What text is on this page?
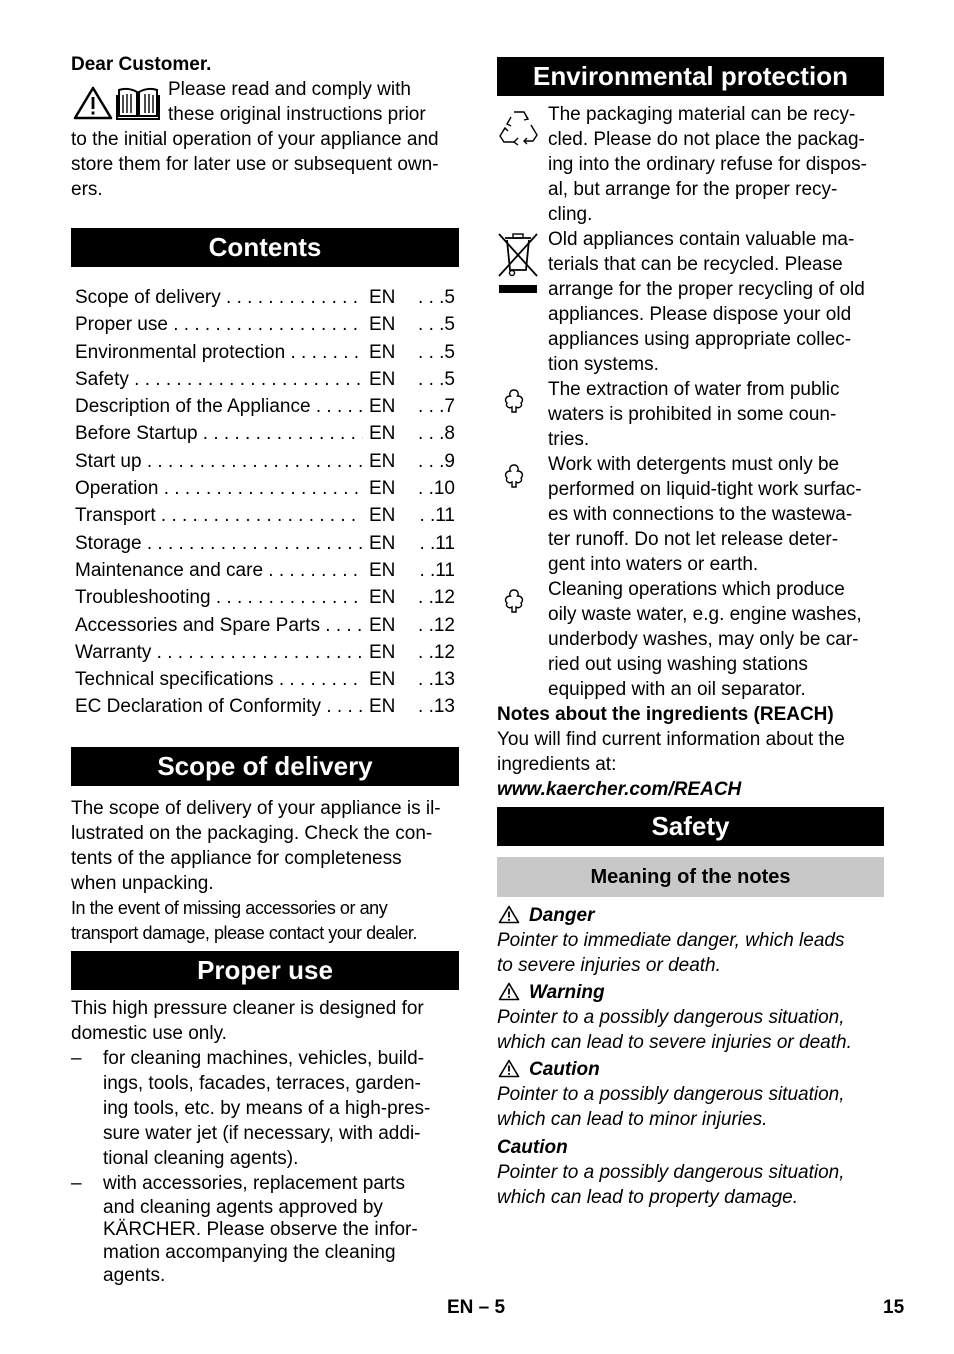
Dear Customer.
Please read and comply with
these original instructions prior
to the initial operation of your appliance and
store them for later use or subsequent own-
ers.
Contents
Scope of delivery . . .	EN	. . .5
Proper use . . .	EN	. . .5
Environmental protection . . .	EN	. . .5
Safety . . .	EN	. . .5
Description of the Appliance . . .	EN	. . .7
Before Startup . . .	EN	. . .8
Start up . . .	EN	. . .9
Operation . . .	EN	. .10
Transport . . .	EN	. .11
Storage . . .	EN	. .11
Maintenance and care . . .	EN	. .11
Troubleshooting . . .	EN	. .12
Accessories and Spare Parts . . .	EN	. .12
Warranty . . .	EN	. .12
Technical specifications . . .	EN	. .13
EC Declaration of Conformity . . .	EN	. .13
Scope of delivery
The scope of delivery of your appliance is il-
lustrated on the packaging. Check the con-
tents of the appliance for completeness
when unpacking.
In the event of missing accessories or any
transport damage, please contact your dealer.
Proper use
This high pressure cleaner is designed for
domestic use only.
– for cleaning machines, vehicles, build-
ings, tools, facades, terraces, garden-
ing tools, etc. by means of a high-pres-
sure water jet (if necessary, with addi-
tional cleaning agents).
– with accessories, replacement parts
and cleaning agents approved by
KÄRCHER. Please observe the infor-
mation accompanying the cleaning
agents.
Environmental protection
The packaging material can be recy-
cled. Please do not place the packag-
ing into the ordinary refuse for dispos-
al, but arrange for the proper recy-
cling.
Old appliances contain valuable ma-
terials that can be recycled. Please
arrange for the proper recycling of old
appliances. Please dispose your old
appliances using appropriate collec-
tion systems.
The extraction of water from public
waters is prohibited in some coun-
tries.
Work with detergents must only be
performed on liquid-tight work surfac-
es with connections to the wastewa-
ter runoff. Do not let release deter-
gent into waters or earth.
Cleaning operations which produce
oily waste water, e.g. engine washes,
underbody washes, may only be car-
ried out using washing stations
equipped with an oil separator.
Notes about the ingredients (REACH)
You will find current information about the
ingredients at:
www.kaercher.com/REACH
Safety
Meaning of the notes
Danger
Pointer to immediate danger, which leads
to severe injuries or death.
Warning
Pointer to a possibly dangerous situation,
which can lead to severe injuries or death.
Caution
Pointer to a possibly dangerous situation,
which can lead to minor injuries.
Caution
Pointer to a possibly dangerous situation,
which can lead to property damage.
EN – 5	15
